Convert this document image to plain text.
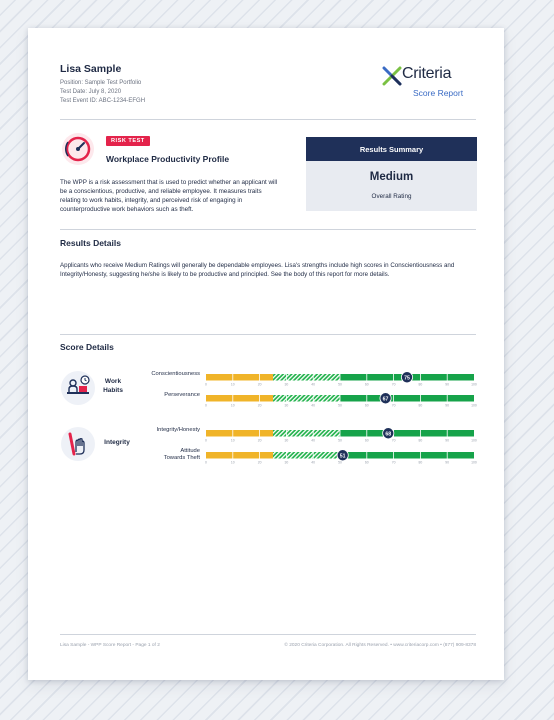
Lisa Sample
Position: Sample Test Portfolio
Test Date: July 8, 2020
Test Event ID: ABC-1234-EFGH
Criteria
Score Report
RISK TEST
Workplace Productivity Profile
The WPP is a risk assessment that is used to predict whether an applicant will be a conscientious, productive, and reliable employee. It measures traits relating to work habits, integrity, and perceived risk of engaging in counterproductive work behaviors such as theft.
Results Summary
Medium
Overall Rating
Results Details
Applicants who receive Medium Ratings will generally be dependable employees. Lisa's strengths include high scores in Conscientiousness and Integrity/Honesty, suggesting he/she is likely to be productive and principled. See the body of this report for more details.
Score Details
Work
Habits
Integrity
Conscientiousness
Perseverance
Integrity/Honesty
Attitude
Towards Theft
0	10	20	30	40	50	60	70	80	90	100
75
0	10	20	30	40	50	60	70	80	90	100
67
0	10	20	30	40	50	60	70	80	90	100
68
0	10	20	30	40	50	60	70	80	90	100
51
Lisa Sample - WPP Score Report - Page 1 of 2	© 2020 Criteria Corporation. All Rights Reserved. • www.criteriacorp.com • (877) 909-8378
